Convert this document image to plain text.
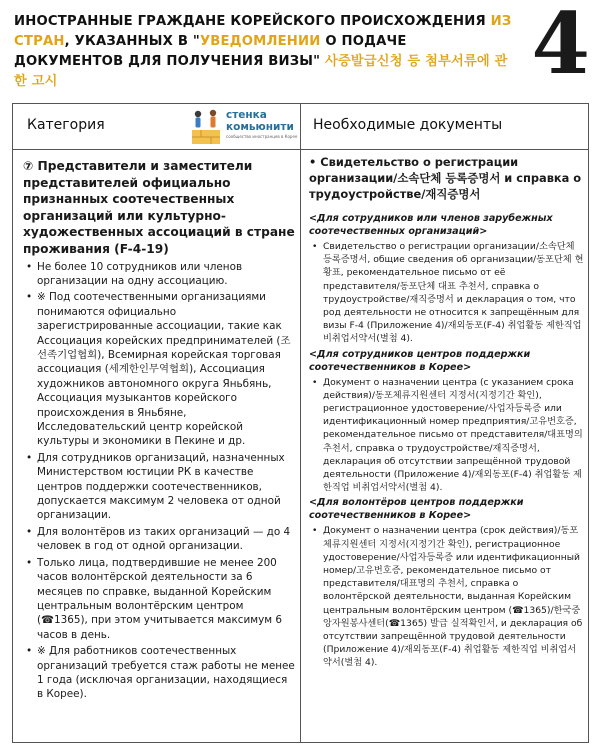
ИНОСТРАННЫЕ ГРАЖДАНЕ КОРЕЙСКОГО ПРОИСХОЖДЕНИЯ ИЗ СТРАН, УКАЗАННЫХ В "УВЕДОМЛЕНИИ О ПОДАЧЕ ДОКУМЕНТОВ ДЛЯ ПОЛУЧЕНИЯ ВИЗЫ" 사증발급신청 등 첨부서류에 관한 고시	4
Категория
стенка
комьюнити
сообщество иностранцев в Корее
Необходимые документы
⑦ Представители и заместители представителей официально признанных соотечественных организаций или культурно-художественных ассоциаций в стране проживания (F-4-19)
• Не более 10 сотрудников или членов организации на одну ассоциацию.
• ※ Под соотечественными организациями понимаются официально зарегистрированные ассоциации, такие как Ассоциация корейских предпринимателей (조선족기업협회), Всемирная корейская торговая ассоциация (세계한인무역협회), Ассоциация художников автономного округа Яньбянь, Ассоциация музыкантов корейского происхождения в Яньбяне, Исследовательский центр корейской культуры и экономики в Пекине и др.
• Для сотрудников организаций, назначенных Министерством юстиции РК в качестве центров поддержки соотечественников, допускается максимум 2 человека от одной организации.
• Для волонтёров из таких организаций — до 4 человек в год от одной организации.
• Только лица, подтвердившие не менее 200 часов волонтёрской деятельности за 6 месяцев по справке, выданной Корейским центральным волонтёрским центром (☎1365), при этом учитывается максимум 6 часов в день.
• ※ Для работников соотечественных организаций требуется стаж работы не менее 1 года (исключая организации, находящиеся в Корее).
• Свидетельство о регистрации организации/소속단체 등록증명서 и справка о трудоустройстве/재직증명서
<Для сотрудников или членов зарубежных соотечественных организаций>
• Свидетельство о регистрации организации/소속단체 등록증명서, общие сведения об организации/동포단체 현황표, рекомендательное письмо от её представителя/동포단체 대표 추천서, справка о трудоустройстве/재직증명서 и декларация о том, что род деятельности не относится к запрещённым для визы F-4 (Приложение 4)/재외동포(F-4) 취업활동 제한직업 비취업서약서(별첨 4).
<Для сотрудников центров поддержки соотечественников в Корее>
• Документ о назначении центра (с указанием срока действия)/동포체류지원센터 지정서(지정기간 확인), регистрационное удостоверение/사업자등록증 или идентификационный номер предприятия/고유번호증, рекомендательное письмо от представителя/대표명의 추천서, справка о трудоустройстве/재직증명서, декларация об отсутствии запрещённой трудовой деятельности (Приложение 4)/재외동포(F-4) 취업활동 제한직업 비취업서약서(별첨 4).
<Для волонтёров центров поддержки соотечественников в Корее>
• Документ о назначении центра (срок действия)/동포체류지원센터 지정서(지정기간 확인), регистрационное удостоверение/사업자등록증 или идентификационный номер/고유번호증, рекомендательное письмо от представителя/대표명의 추천서, справка о волонтёрской деятельности, выданная Корейским центральным волонтёрским центром (☎1365)/한국중앙자원봉사센터(☎1365) 발급 실적확인서, и декларация об отсутствии запрещённой трудовой деятельности (Приложение 4)/재외동포(F-4) 취업활동 제한직업 비취업서약서(별첨 4).
